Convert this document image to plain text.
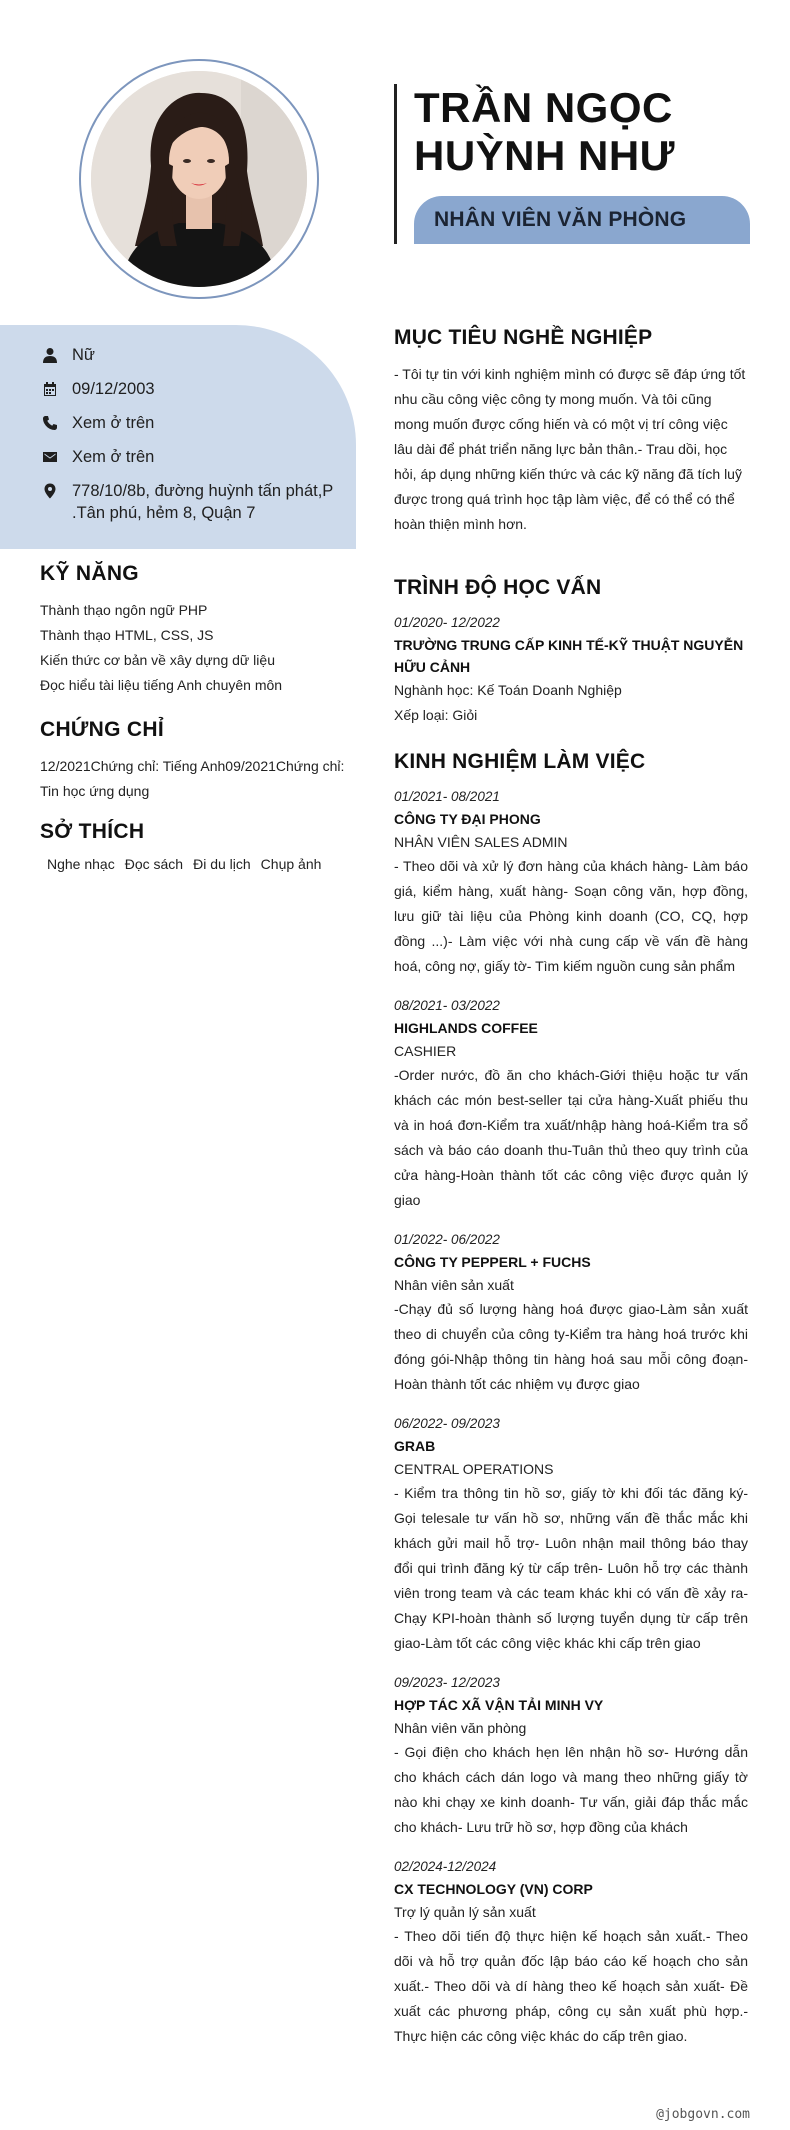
TRẦN NGỌC HUỲNH NHƯ
NHÂN VIÊN VĂN PHÒNG
Nữ
09/12/2003
Xem ở trên
Xem ở trên
778/10/8b, đường huỳnh tấn phát,P .Tân phú, hẻm 8, Quận 7
KỸ NĂNG
Thành thạo ngôn ngữ PHP
Thành thạo HTML, CSS, JS
Kiến thức cơ bản về xây dựng dữ liệu
Đọc hiểu tài liệu tiếng Anh chuyên môn
CHỨNG CHỈ
12/2021Chứng chỉ: Tiếng Anh09/2021Chứng chỉ: Tin học ứng dụng
SỞ THÍCH
Nghe nhạc Đọc sách Đi du lịch Chụp ảnh
MỤC TIÊU NGHỀ NGHIỆP
- Tôi tự tin với kinh nghiệm mình có được sẽ đáp ứng tốt nhu cầu công việc công ty mong muốn. Và tôi cũng mong muốn được cống hiến và có một vị trí công việc lâu dài để phát triển năng lực bản thân.- Trau dồi, học hỏi, áp dụng những kiến thức và các kỹ năng đã tích luỹ được trong quá trình học tập làm việc, để có thể có thể hoàn thiện mình hơn.
TRÌNH ĐỘ HỌC VẤN
01/2020- 12/2022
TRƯỜNG TRUNG CẤP KINH TẾ-KỸ THUẬT NGUYỄN HỮU CẢNH
Nghành học: Kế Toán Doanh Nghiệp
Xếp loại: Giỏi
KINH NGHIỆM LÀM VIỆC
01/2021- 08/2021
CÔNG TY ĐẠI PHONG
NHÂN VIÊN SALES ADMIN
- Theo dõi và xử lý đơn hàng của khách hàng- Làm báo giá, kiểm hàng, xuất hàng- Soạn công văn, hợp đồng, lưu giữ tài liệu của Phòng kinh doanh (CO, CQ, hợp đồng ...)- Làm việc với nhà cung cấp về vấn đề hàng hoá, công nợ, giấy tờ- Tìm kiếm nguồn cung sản phẩm
08/2021- 03/2022
HIGHLANDS COFFEE
CASHIER
-Order nước, đồ ăn cho khách-Giới thiệu hoặc tư vấn khách các món best-seller tại cửa hàng-Xuất phiếu thu và in hoá đơn-Kiểm tra xuất/nhập hàng hoá-Kiểm tra sổ sách và báo cáo doanh thu-Tuân thủ theo quy trình của cửa hàng-Hoàn thành tốt các công việc được quản lý giao
01/2022- 06/2022
CÔNG TY PEPPERL + FUCHS
Nhân viên sản xuất
-Chạy đủ số lượng hàng hoá được giao-Làm sản xuất theo di chuyển của công ty-Kiểm tra hàng hoá trước khi đóng gói-Nhập thông tin hàng hoá sau mỗi công đoạn-Hoàn thành tốt các nhiệm vụ được giao
06/2022- 09/2023
GRAB
CENTRAL OPERATIONS
- Kiểm tra thông tin hồ sơ, giấy tờ khi đối tác đăng ký- Gọi telesale tư vấn hồ sơ, những vấn đề thắc mắc khi khách gửi mail hỗ trợ- Luôn nhận mail thông báo thay đổi qui trình đăng ký từ cấp trên- Luôn hỗ trợ các thành viên trong team và các team khác khi có vấn đề xảy ra- Chạy KPI-hoàn thành số lượng tuyển dụng từ cấp trên giao-Làm tốt các công việc khác khi cấp trên giao
09/2023- 12/2023
HỢP TÁC XÃ VẬN TẢI MINH VY
Nhân viên văn phòng
- Gọi điện cho khách hẹn lên nhận hồ sơ- Hướng dẫn cho khách cách dán logo và mang theo những giấy tờ nào khi chạy xe kinh doanh- Tư vấn, giải đáp thắc mắc cho khách- Lưu trữ hồ sơ, hợp đồng của khách
02/2024-12/2024
CX TECHNOLOGY (VN) CORP
Trợ lý quản lý sản xuất
- Theo dõi tiến độ thực hiện kế hoạch sản xuất.- Theo dõi và hỗ trợ quản đốc lập báo cáo kế hoạch cho sản xuất.- Theo dõi và dí hàng theo kế hoạch sản xuất- Đề xuất các phương pháp, công cụ sản xuất phù hợp.- Thực hiện các công việc khác do cấp trên giao.
@jobgovn.com
